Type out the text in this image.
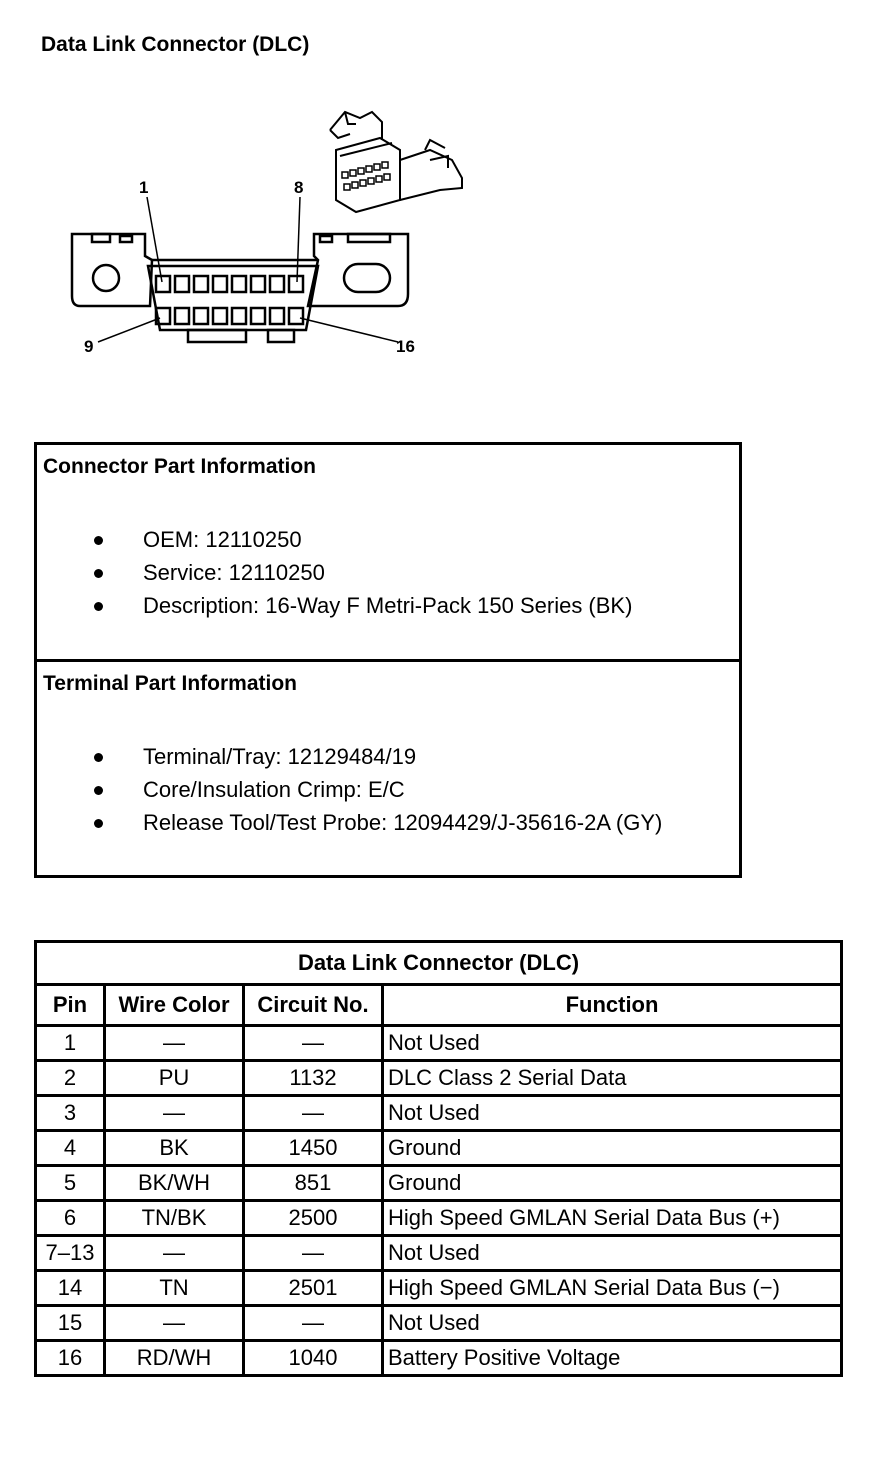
Data Link Connector (DLC)
1	8
9	16
Connector Part Information
OEM: 12110250
Service: 12110250
Description: 16-Way F Metri-Pack 150 Series (BK)
Terminal Part Information
Terminal/Tray: 12129484/19
Core/Insulation Crimp: E/C
Release Tool/Test Probe: 12094429/J-35616-2A (GY)
Data Link Connector (DLC)			
Pin	Wire Color	Circuit No.	Function
1	—	—	Not Used
2	PU	1132	DLC Class 2 Serial Data
3	—	—	Not Used
4	BK	1450	Ground
5	BK/WH	851	Ground
6	TN/BK	2500	High Speed GMLAN Serial Data Bus (+)
7–13	—	—	Not Used
14	TN	2501	High Speed GMLAN Serial Data Bus (−)
15	—	—	Not Used
16	RD/WH	1040	Battery Positive Voltage
